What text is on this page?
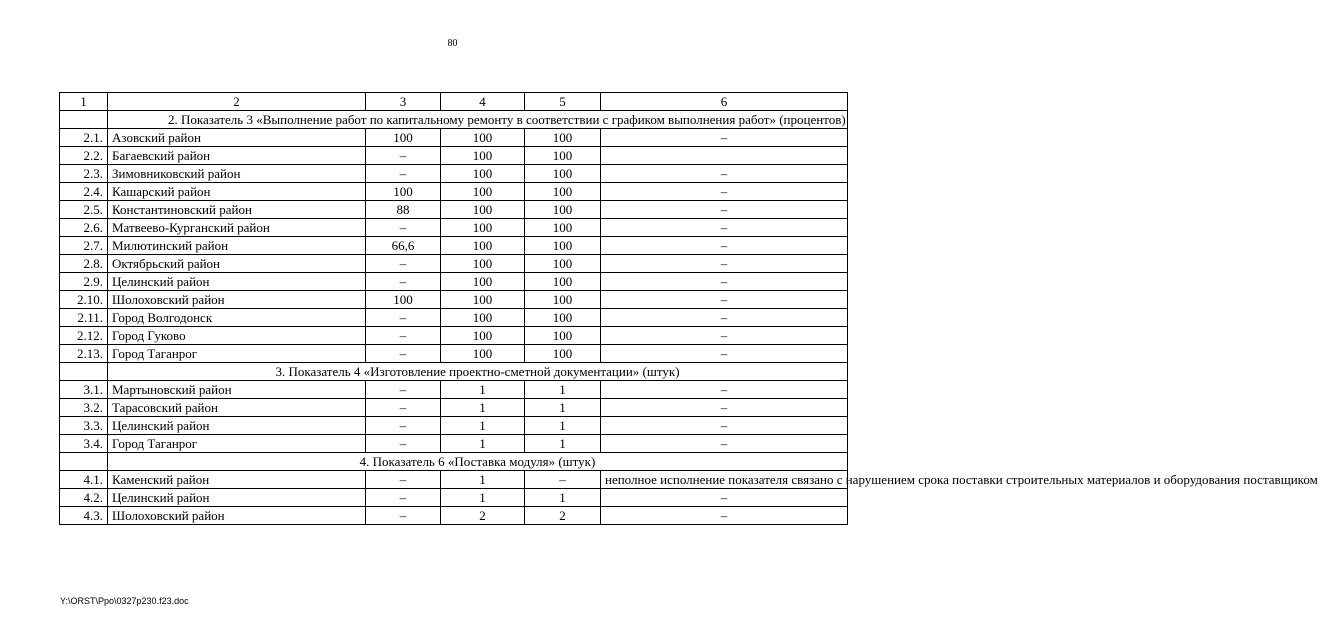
80
1	2	3	4	5	6
	2. Показатель 3 «Выполнение работ по капитальному ремонту в соответствии с графиком выполнения работ» (процентов)				
2.1.	Азовский район	100	100	100	–
2.2.	Багаевский район	–	100	100	
2.3.	Зимовниковский район	–	100	100	–
2.4.	Кашарский район	100	100	100	–
2.5.	Константиновский район	88	100	100	–
2.6.	Матвеево-Курганский район	–	100	100	–
2.7.	Милютинский район	66,6	100	100	–
2.8.	Октябрьский район	–	100	100	–
2.9.	Целинский район	–	100	100	–
2.10.	Шолоховский район	100	100	100	–
2.11.	Город Волгодонск	–	100	100	–
2.12.	Город Гуково	–	100	100	–
2.13.	Город Таганрог	–	100	100	–
	3. Показатель 4 «Изготовление проектно-сметной документации» (штук)				
3.1.	Мартыновский район	–	1	1	–
3.2.	Тарасовский район	–	1	1	–
3.3.	Целинский район	–	1	1	–
3.4.	Город Таганрог	–	1	1	–
	4. Показатель 6 «Поставка модуля» (штук)				
4.1.	Каменский район	–	1	–	неполное исполнение показателя связано с нарушением срока поставки строительных материалов и оборудования поставщиком
4.2.	Целинский район	–	1	1	–
4.3.	Шолоховский район	–	2	2	–
Y:\ORST\Ppo\0327p230.f23.doc
